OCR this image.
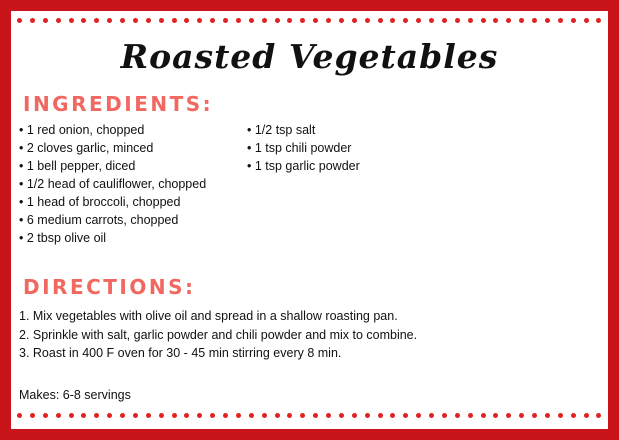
Roasted Vegetables
INGREDIENTS:
• 1 red onion, chopped
• 2 cloves garlic, minced
• 1 bell pepper, diced
• 1/2 head of cauliflower, chopped
• 1 head of broccoli, chopped
• 6 medium carrots, chopped
• 2 tbsp olive oil
• 1/2 tsp salt
• 1 tsp chili powder
• 1 tsp garlic powder
DIRECTIONS:
1. Mix vegetables with olive oil and spread in a shallow roasting pan.
2. Sprinkle with salt, garlic powder and chili powder and mix to combine.
3. Roast in 400 F oven for 30 - 45 min stirring every 8 min.
Makes: 6-8 servings
